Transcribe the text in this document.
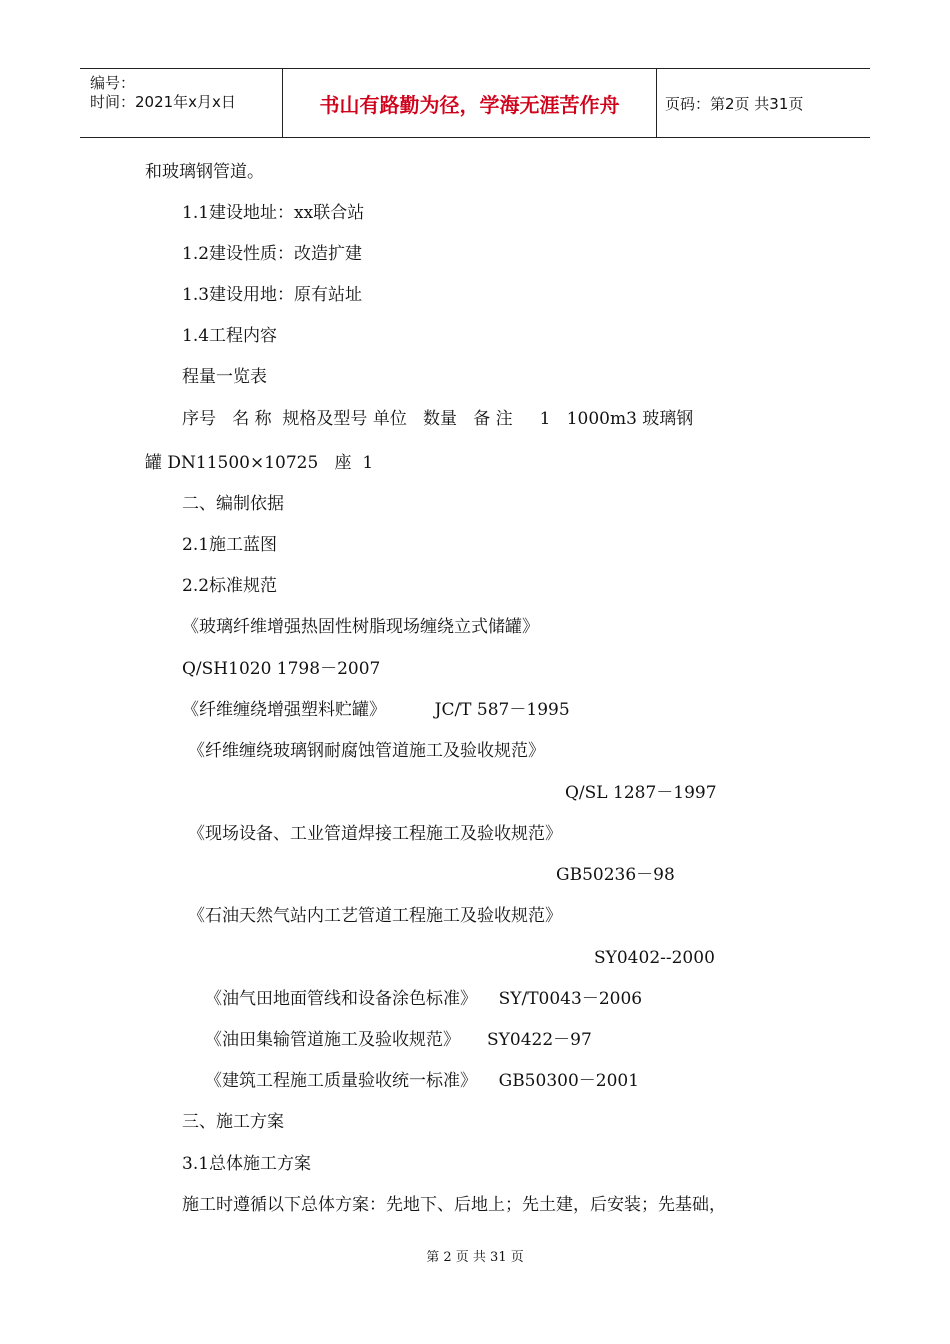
编号：
时间：2021年x月x日	书山有路勤为径，学海无涯苦作舟	页码：第2页 共31页
和玻璃钢管道。
1.1建设地址：xx联合站
1.2建设性质：改造扩建
1.3建设用地：原有站址
1.4工程内容
程量一览表
序号   名 称  规格及型号 单位   数量   备 注     1   1000m3 玻璃钢
罐 DN11500×10725   座  1
二、编制依据
2.1施工蓝图
2.2标准规范
《玻璃纤维增强热固性树脂现场缠绕立式储罐》
Q/SH1020 1798－2007
《纤维缠绕增强塑料贮罐》         JC/T 587－1995
《纤维缠绕玻璃钢耐腐蚀管道施工及验收规范》
Q/SL 1287－1997
《现场设备、工业管道焊接工程施工及验收规范》
GB50236－98
《石油天然气站内工艺管道工程施工及验收规范》
SY0402--2000
《油气田地面管线和设备涂色标准》    SY/T0043－2006
《油田集输管道施工及验收规范》     SY0422－97
《建筑工程施工质量验收统一标准》    GB50300－2001
三、施工方案
3.1总体施工方案
施工时遵循以下总体方案：先地下、后地上；先土建，后安装；先基础，
第 2 页 共 31 页
